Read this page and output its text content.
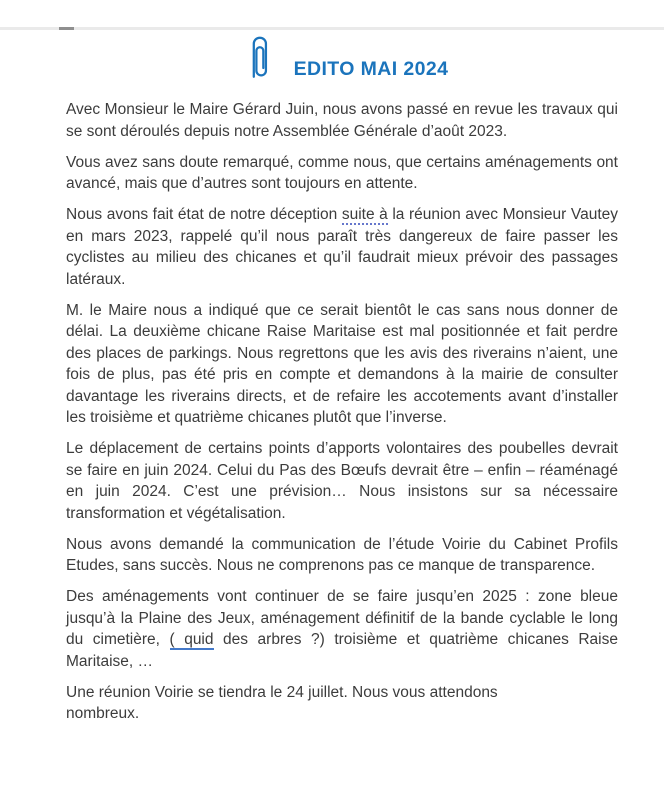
EDITO MAI 2024

Avec Monsieur le Maire Gérard Juin, nous avons passé en revue les travaux qui se sont déroulés depuis notre Assemblée Générale d’août 2023.

Vous avez sans doute remarqué, comme nous, que certains aménagements ont avancé, mais que d’autres sont toujours en attente.

Nous avons fait état de notre déception suite à la réunion avec Monsieur Vautey en mars 2023, rappelé qu’il nous paraît très dangereux de faire passer les cyclistes au milieu des chicanes et qu’il faudrait mieux prévoir des passages latéraux.

M. le Maire nous a indiqué que ce serait bientôt le cas sans nous donner de délai. La deuxième chicane Raise Maritaise est mal positionnée et fait perdre des places de parkings. Nous regrettons que les avis des riverains n’aient, une fois de plus, pas été pris en compte et demandons à la mairie de consulter davantage les riverains directs, et de refaire les accotements avant d’installer les troisième et quatrième chicanes plutôt que l’inverse.

Le déplacement de certains points d’apports volontaires des poubelles devrait se faire en juin 2024. Celui du Pas des Bœufs devrait être – enfin – réaménagé en juin 2024. C’est une prévision… Nous insistons sur sa nécessaire transformation et végétalisation.

Nous avons demandé la communication de l’étude Voirie du Cabinet Profils Etudes, sans succès. Nous ne comprenons pas ce manque de transparence.

Des aménagements vont continuer de se faire jusqu’en 2025 : zone bleue jusqu’à la Plaine des Jeux, aménagement définitif de la bande cyclable le long du cimetière, ( quid des arbres ?) troisième et quatrième chicanes Raise Maritaise, …

Une réunion Voirie se tiendra le 24 juillet. Nous vous attendons
nombreux.
